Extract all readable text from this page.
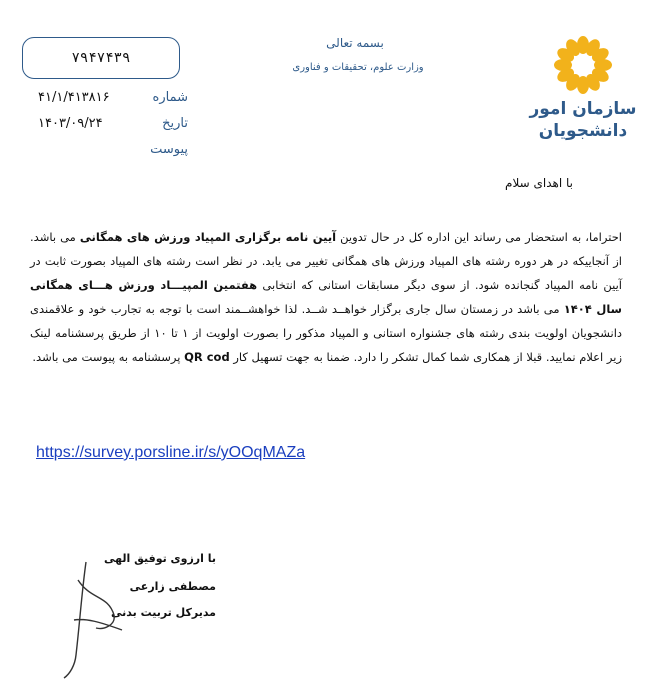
سازمان امور
دانشجویان
بسمه تعالی
وزارت علوم، تحقیقات و فناوری
۷۹۴۷۴۳۹
۴۱/۱/۴۱۳۸۱۶	شماره
۱۴۰۳/۰۹/۲۴	تاریخ
پیوست
با اهدای سلام
احتراما، به استحضار می رساند این اداره کل در حال تدوین آیین نامه برگزاری المپیاد ورزش های همگانی می باشد. از آنجاییکه در هر دوره رشته های المپیاد ورزش های همگانی تغییر می یابد. در نظر است رشته های المپیاد بصورت ثابت در آیین نامه المپیاد گنجانده شود. از سوی دیگر مسابقات استانی که انتخابی هفتمین المپیـــاد ورزش هـــای همگانی سال ۱۴۰۴ می باشد در زمستان سال جاری برگزار خواهــد شــد. لذا خواهشــمند است با توجه به تجارب خود و علاقمندی دانشجویان اولویت بندی رشته های جشنواره استانی و المپیاد مذکور را بصورت اولویت از ۱ تا ۱۰ از طریق پرسشنامه لینک زیر اعلام نمایید. قبلا از همکاری شما کمال تشکر را دارد. ضمنا به جهت تسهیل کار QR cod پرسشنامه به پیوست می باشد.
https://survey.porsline.ir/s/yOOqMAZa
با ارزوی توفیق الهی
مصطفی زارعی
مدیرکل تربیت بدنی
